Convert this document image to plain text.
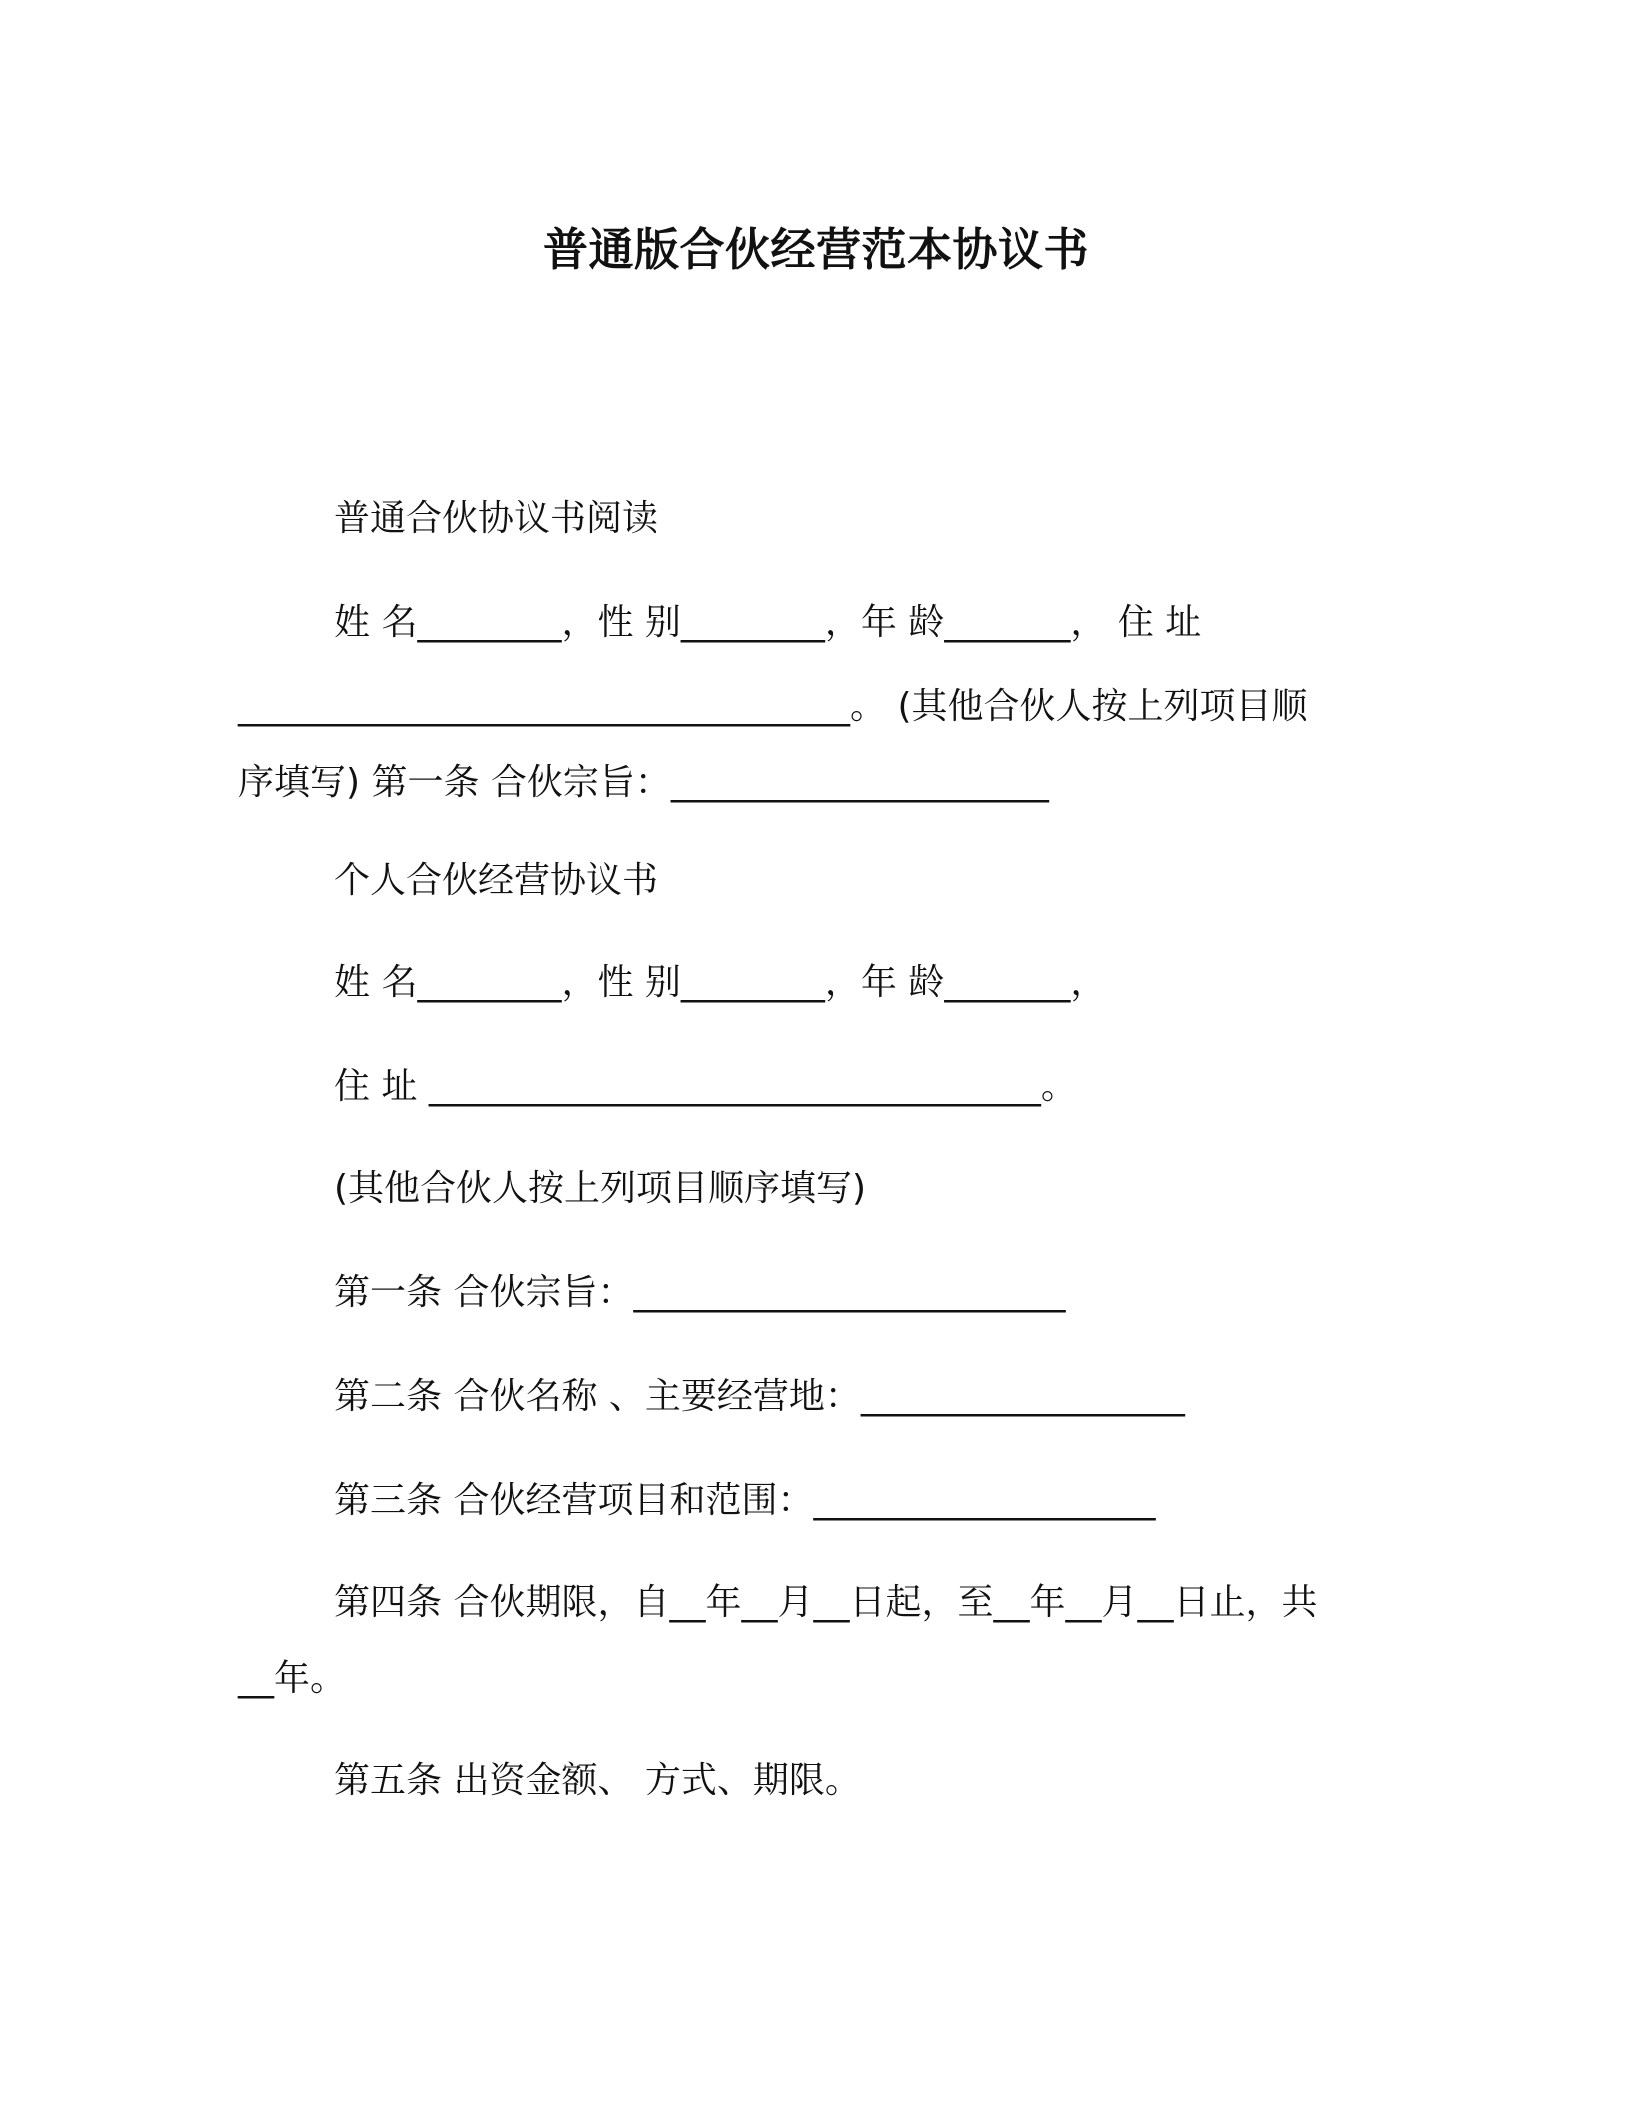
普通版合伙经营范本协议书
普通合伙协议书阅读
姓 名________，性 别________，年 龄_______， 住 址
__________________________________。 (其他合伙人按上列项目顺
序填写) 第一条 合伙宗旨：_____________________
个人合伙经营协议书
姓 名________，性 别________，年 龄_______，
住 址 __________________________________。
(其他合伙人按上列项目顺序填写)
第一条 合伙宗旨：________________________
第二条 合伙名称 、主要经营地：__________________
第三条 合伙经营项目和范围：___________________
第四条 合伙期限，自__年__月__日起，至__年__月__日止，共
__年。
第五条 出资金额、 方式、期限。
